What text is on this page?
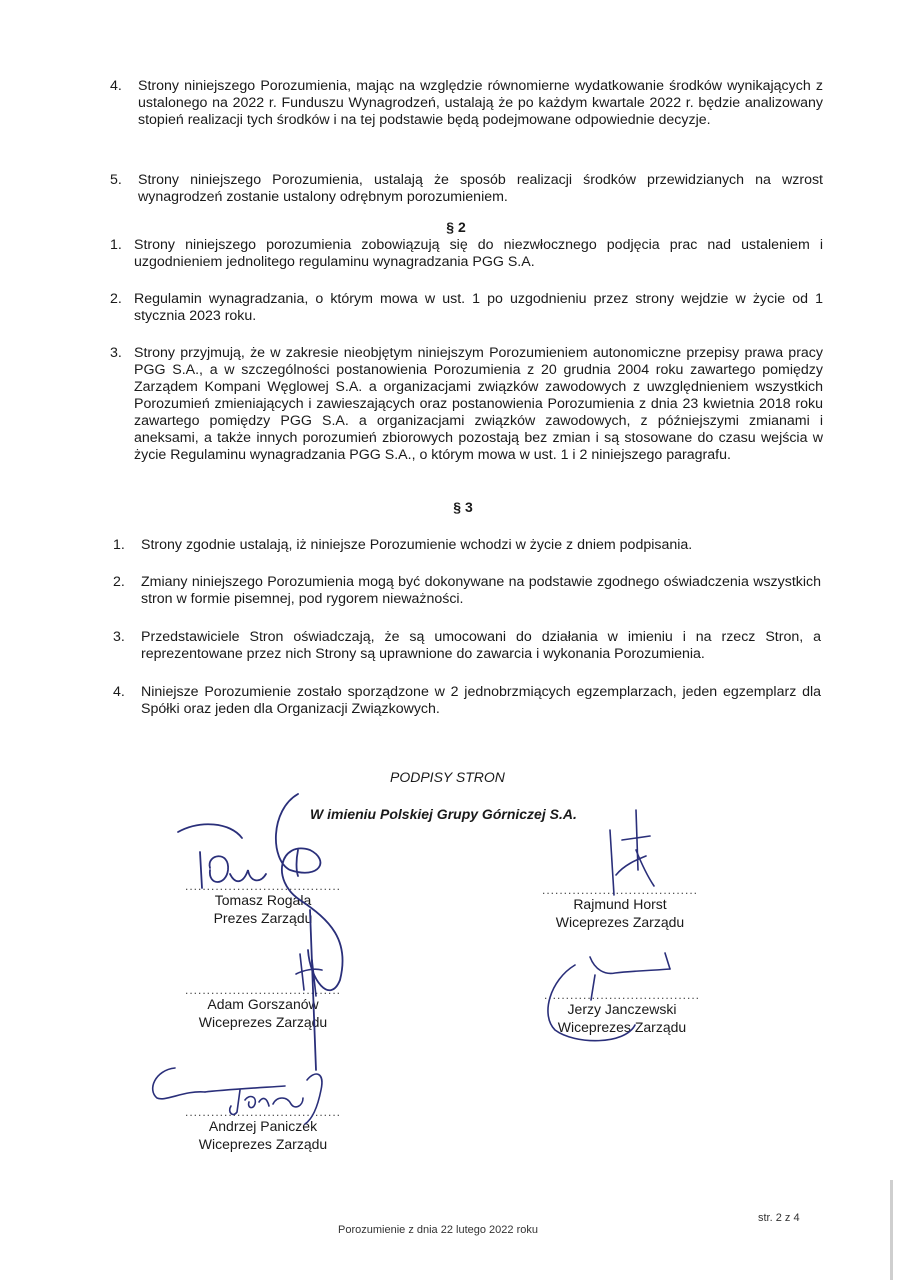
4. Strony niniejszego Porozumienia, mając na względzie równomierne wydatkowanie środków wynikających z ustalonego na 2022 r. Funduszu Wynagrodzeń, ustalają że po każdym kwartale 2022 r. będzie analizowany stopień realizacji tych środków i na tej podstawie będą podejmowane odpowiednie decyzje.
5. Strony niniejszego Porozumienia, ustalają że sposób realizacji środków przewidzianych na wzrost wynagrodzeń zostanie ustalony odrębnym porozumieniem.
§ 2
1. Strony niniejszego porozumienia zobowiązują się do niezwłocznego podjęcia prac nad ustaleniem i uzgodnieniem jednolitego regulaminu wynagradzania PGG S.A.
2. Regulamin wynagradzania, o którym mowa w ust. 1 po uzgodnieniu przez strony wejdzie w życie od 1 stycznia 2023 roku.
3. Strony przyjmują, że w zakresie nieobjętym niniejszym Porozumieniem autonomiczne przepisy prawa pracy PGG S.A., a w szczególności postanowienia Porozumienia z 20 grudnia 2004 roku zawartego pomiędzy Zarządem Kompani Węglowej S.A. a organizacjami związków zawodowych z uwzględnieniem wszystkich Porozumień zmieniających i zawieszających oraz postanowienia Porozumienia z dnia 23 kwietnia 2018 roku zawartego pomiędzy PGG S.A. a organizacjami związków zawodowych, z późniejszymi zmianami i aneksami, a także innych porozumień zbiorowych pozostają bez zmian i są stosowane do czasu wejścia w życie Regulaminu wynagradzania PGG S.A., o którym mowa w ust. 1 i 2 niniejszego paragrafu.
§ 3
1. Strony zgodnie ustalają, iż niniejsze Porozumienie wchodzi w życie z dniem podpisania.
2. Zmiany niniejszego Porozumienia mogą być dokonywane na podstawie zgodnego oświadczenia wszystkich stron w formie pisemnej, pod rygorem nieważności.
3. Przedstawiciele Stron oświadczają, że są umocowani do działania w imieniu i na rzecz Stron, a reprezentowane przez nich Strony są uprawnione do zawarcia i wykonania Porozumienia.
4. Niniejsze Porozumienie zostało sporządzone w 2 jednobrzmiących egzemplarzach, jeden egzemplarz dla Spółki oraz jeden dla Organizacji Związkowych.
PODPISY STRON
W imieniu Polskiej Grupy Górniczej S.A.
....................................
Tomasz Rogala
Prezes Zarządu
....................................
Rajmund Horst
Wiceprezes Zarządu
....................................
Adam Gorszanów
Wiceprezes Zarządu
....................................
Jerzy Janczewski
Wiceprezes Zarządu
....................................
Andrzej Paniczek
Wiceprezes Zarządu
Porozumienie z dnia 22 lutego 2022 roku
str. 2 z 4
